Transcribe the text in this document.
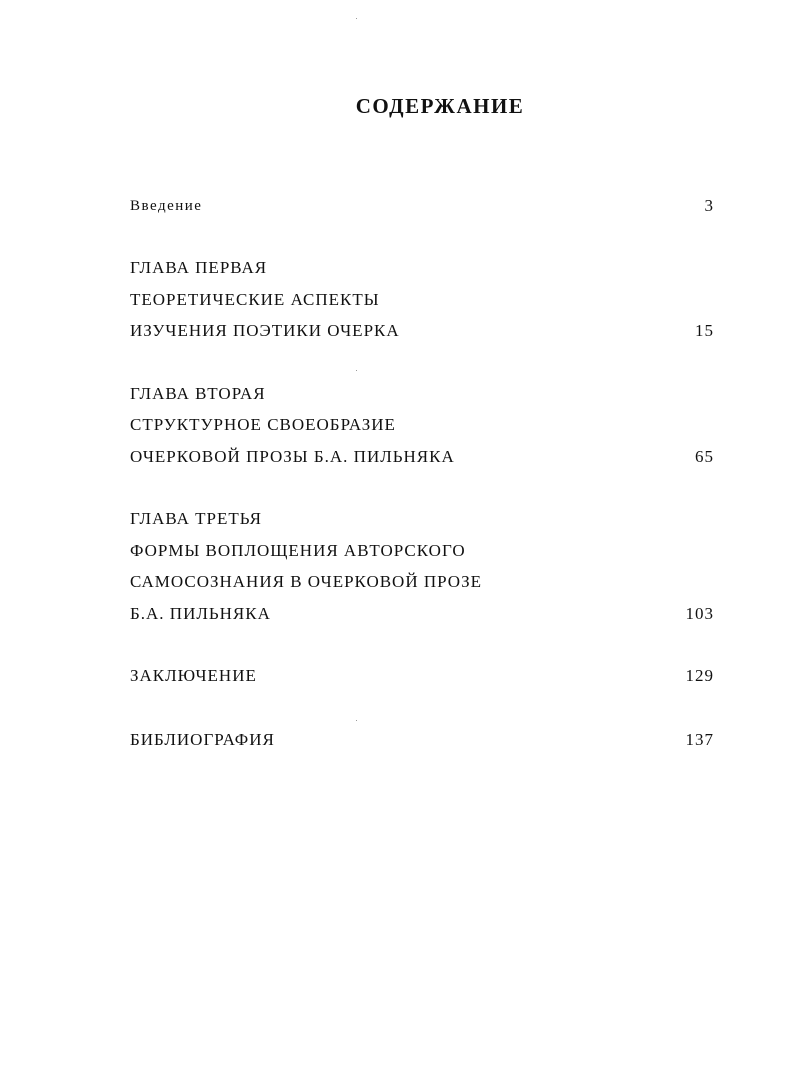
СОДЕРЖАНИЕ
Введение	3
ГЛАВА ПЕРВАЯ
ТЕОРЕТИЧЕСКИЕ АСПЕКТЫ
ИЗУЧЕНИЯ ПОЭТИКИ ОЧЕРКА	15
ГЛАВА ВТОРАЯ
СТРУКТУРНОЕ СВОЕОБРАЗИЕ
ОЧЕРКОВОЙ ПРОЗЫ Б.А. ПИЛЬНЯКА	65
ГЛАВА ТРЕТЬЯ
ФОРМЫ ВОПЛОЩЕНИЯ АВТОРСКОГО
САМОСОЗНАНИЯ В ОЧЕРКОВОЙ ПРОЗЕ
Б.А. ПИЛЬНЯКА	103
ЗАКЛЮЧЕНИЕ	129
БИБЛИОГРАФИЯ	137
